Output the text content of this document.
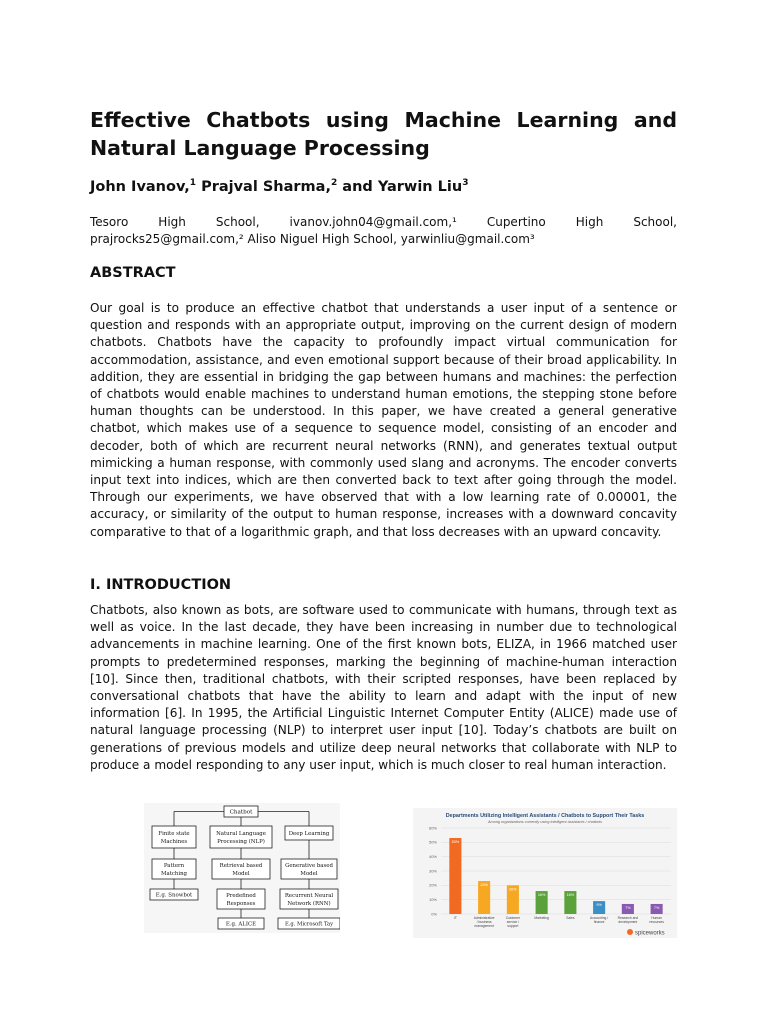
Effective Chatbots using Machine Learning and Natural Language Processing

John Ivanov,$^1$ Prajval Sharma,$^2$ and Yarwin Liu$^3$

Tesoro High School, ivanov.john04@gmail.com,¹ Cupertino High School, prajrocks25@gmail.com,² Aliso Niguel High School, yarwinliu@gmail.com³

ABSTRACT

Our goal is to produce an effective chatbot that understands a user input of a sentence or question and responds with an appropriate output, improving on the current design of modern chatbots. Chatbots have the capacity to profoundly impact virtual communication for accommodation, assistance, and even emotional support because of their broad applicability. In addition, they are essential in bridging the gap between humans and machines: the perfection of chatbots would enable machines to understand human emotions, the stepping stone before human thoughts can be understood. In this paper, we have created a general generative chatbot, which makes use of a sequence to sequence model, consisting of an encoder and decoder, both of which are recurrent neural networks (RNN), and generates textual output mimicking a human response, with commonly used slang and acronyms. The encoder converts input text into indices, which are then converted back to text after going through the model. Through our experiments, we have observed that with a low learning rate of 0.00001, the accuracy, or similarity of the output to human response, increases with a downward concavity comparative to that of a logarithmic graph, and that loss decreases with an upward concavity.

I. INTRODUCTION

Chatbots, also known as bots, are software used to communicate with humans, through text as well as voice. In the last decade, they have been increasing in number due to technological advancements in machine learning. One of the first known bots, ELIZA, in 1966 matched user prompts to predetermined responses, marking the beginning of machine-human interaction [10]. Since then, traditional chatbots, with their scripted responses, have been replaced by conversational chatbots that have the ability to learn and adapt with the input of new information [6]. In 1995, the Artificial Linguistic Internet Computer Entity (ALICE) made use of natural language processing (NLP) to interpret user input [10]. Today’s chatbots are built on generations of previous models and utilize deep neural networks that collaborate with NLP to produce a model responding to any user input, which is much closer to real human interaction.

Chatbot
Finite state
Machines
Pattern
Matching
E.g. Snowbot
Natural Language
Processing (NLP)
Retrieval based
Model
Predefined
Responses
E.g. ALICE
Deep Learning
Generative based
Model
Recurrent Neural
Network (RNN)
E.g. Microsoft Tay
Departments Utilizing Intelligent Assistants / Chatbots to Support Their Tasks
Among organizations currently using intelligent assistants / chatbots
0%
10%
20%
30%
40%
50%
60%
53%
IT
23%
Administrative / business management
20%
Customer service / support
16%
Marketing
16%
Sales
9%
Accounting / finance
7%
Research and development
7%
Human resources
spiceworks
